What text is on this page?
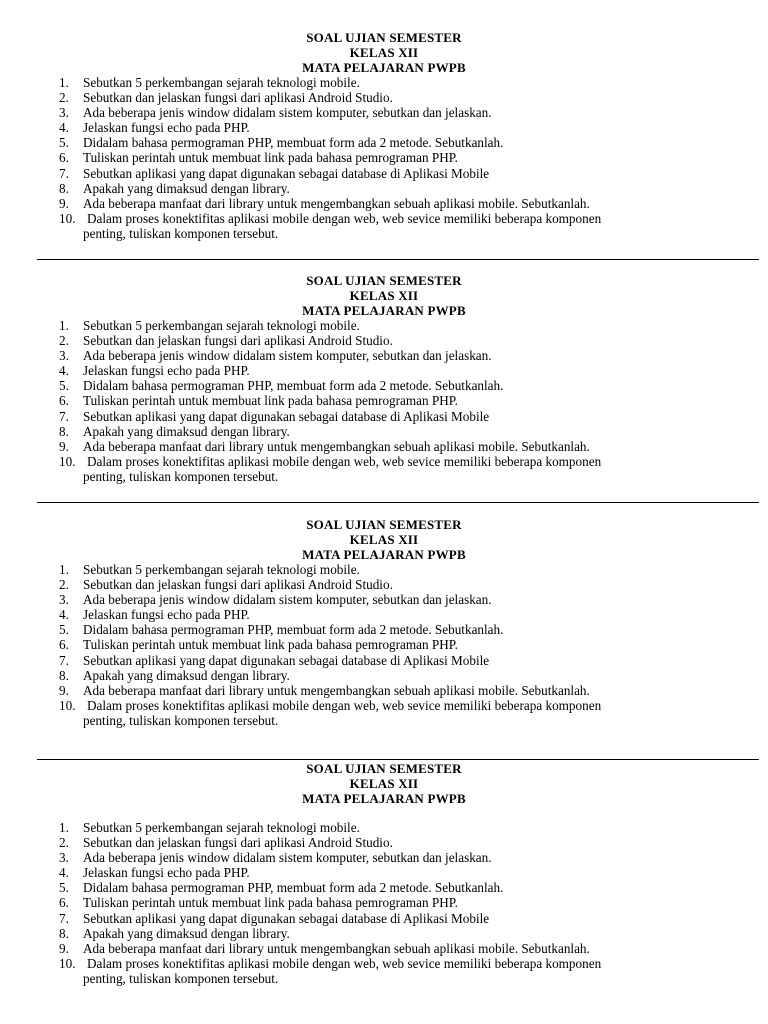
SOAL UJIAN SEMESTER
KELAS XII
MATA PELAJARAN PWPB
1.	Sebutkan 5 perkembangan sejarah teknologi mobile.
2.	Sebutkan dan jelaskan fungsi dari aplikasi Android Studio.
3.	Ada beberapa jenis window didalam sistem komputer, sebutkan dan jelaskan.
4.	Jelaskan fungsi echo pada PHP.
5.	Didalam bahasa permograman PHP, membuat form ada 2 metode. Sebutkanlah.
6.	Tuliskan perintah untuk membuat link pada bahasa pemrograman PHP.
7.	Sebutkan aplikasi yang dapat digunakan sebagai database di Aplikasi Mobile
8.	Apakah yang dimaksud dengan library.
9.	Ada beberapa manfaat dari library untuk mengembangkan sebuah aplikasi mobile. Sebutkanlah.
10. Dalam proses konektifitas aplikasi mobile dengan web, web sevice memiliki beberapa komponen
penting, tuliskan komponen tersebut.
SOAL UJIAN SEMESTER
KELAS XII
MATA PELAJARAN PWPB
1.	Sebutkan 5 perkembangan sejarah teknologi mobile.
2.	Sebutkan dan jelaskan fungsi dari aplikasi Android Studio.
3.	Ada beberapa jenis window didalam sistem komputer, sebutkan dan jelaskan.
4.	Jelaskan fungsi echo pada PHP.
5.	Didalam bahasa permograman PHP, membuat form ada 2 metode. Sebutkanlah.
6.	Tuliskan perintah untuk membuat link pada bahasa pemrograman PHP.
7.	Sebutkan aplikasi yang dapat digunakan sebagai database di Aplikasi Mobile
8.	Apakah yang dimaksud dengan library.
9.	Ada beberapa manfaat dari library untuk mengembangkan sebuah aplikasi mobile. Sebutkanlah.
10. Dalam proses konektifitas aplikasi mobile dengan web, web sevice memiliki beberapa komponen
penting, tuliskan komponen tersebut.
SOAL UJIAN SEMESTER
KELAS XII
MATA PELAJARAN PWPB
1.	Sebutkan 5 perkembangan sejarah teknologi mobile.
2.	Sebutkan dan jelaskan fungsi dari aplikasi Android Studio.
3.	Ada beberapa jenis window didalam sistem komputer, sebutkan dan jelaskan.
4.	Jelaskan fungsi echo pada PHP.
5.	Didalam bahasa permograman PHP, membuat form ada 2 metode. Sebutkanlah.
6.	Tuliskan perintah untuk membuat link pada bahasa pemrograman PHP.
7.	Sebutkan aplikasi yang dapat digunakan sebagai database di Aplikasi Mobile
8.	Apakah yang dimaksud dengan library.
9.	Ada beberapa manfaat dari library untuk mengembangkan sebuah aplikasi mobile. Sebutkanlah.
10. Dalam proses konektifitas aplikasi mobile dengan web, web sevice memiliki beberapa komponen
penting, tuliskan komponen tersebut.
SOAL UJIAN SEMESTER
KELAS XII
MATA PELAJARAN PWPB
1.	Sebutkan 5 perkembangan sejarah teknologi mobile.
2.	Sebutkan dan jelaskan fungsi dari aplikasi Android Studio.
3.	Ada beberapa jenis window didalam sistem komputer, sebutkan dan jelaskan.
4.	Jelaskan fungsi echo pada PHP.
5.	Didalam bahasa permograman PHP, membuat form ada 2 metode. Sebutkanlah.
6.	Tuliskan perintah untuk membuat link pada bahasa pemrograman PHP.
7.	Sebutkan aplikasi yang dapat digunakan sebagai database di Aplikasi Mobile
8.	Apakah yang dimaksud dengan library.
9.	Ada beberapa manfaat dari library untuk mengembangkan sebuah aplikasi mobile. Sebutkanlah.
10. Dalam proses konektifitas aplikasi mobile dengan web, web sevice memiliki beberapa komponen
penting, tuliskan komponen tersebut.
